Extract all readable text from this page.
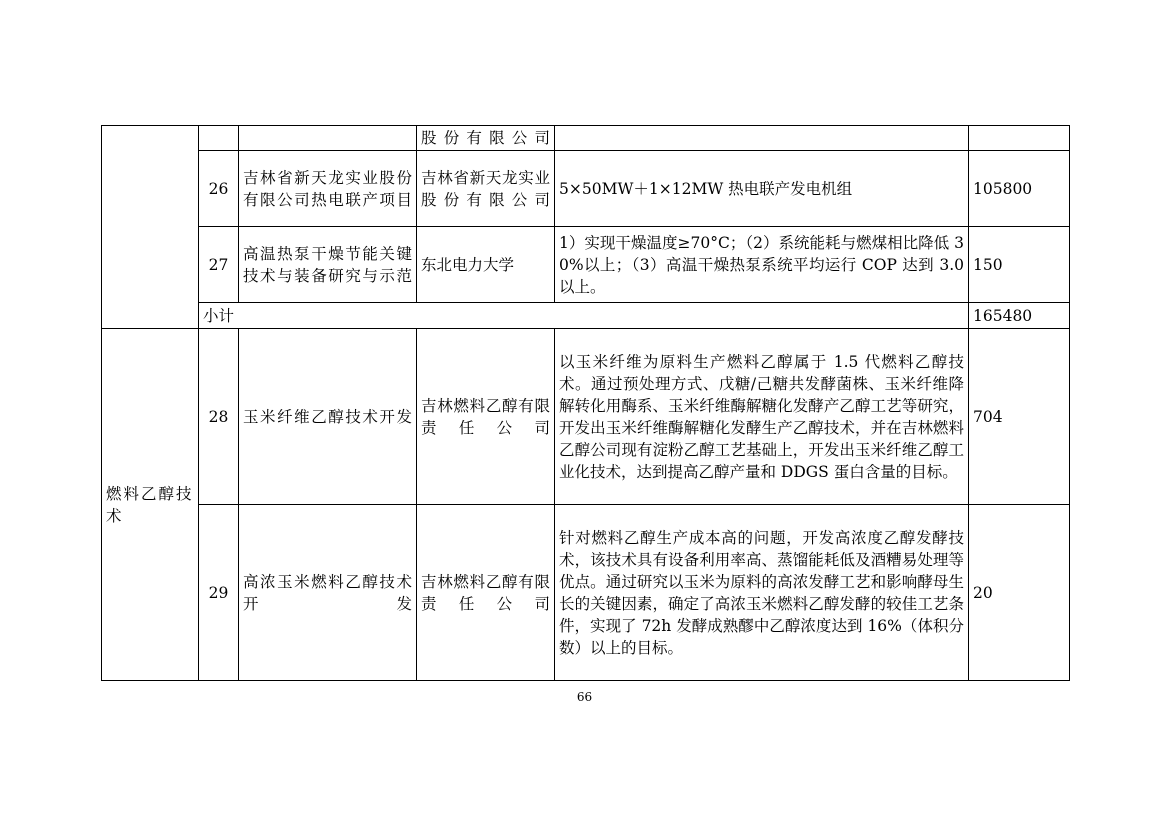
			股份有限公司		
	26	吉林省新天龙实业股份有限公司热电联产项目	吉林省新天龙实业股份有限公司	5×50MW＋1×12MW 热电联产发电机组	105800
	27	高温热泵干燥节能关键技术与装备研究与示范	东北电力大学	1）实现干燥温度≥70°C；（2）系统能耗与燃煤相比降低 30%以上；（3）高温干燥热泵系统平均运行 COP 达到 3.0 以上。	150
	小计				165480
燃料乙醇技术	28	玉米纤维乙醇技术开发	吉林燃料乙醇有限责任公司	以玉米纤维为原料生产燃料乙醇属于 1.5 代燃料乙醇技术。通过预处理方式、戊糖/己糖共发酵菌株、玉米纤维降解转化用酶系、玉米纤维酶解糖化发酵产乙醇工艺等研究，开发出玉米纤维酶解糖化发酵生产乙醇技术，并在吉林燃料乙醇公司现有淀粉乙醇工艺基础上，开发出玉米纤维乙醇工业化技术，达到提高乙醇产量和 DDGS 蛋白含量的目标。	704
	29	高浓玉米燃料乙醇技术开发	吉林燃料乙醇有限责任公司	针对燃料乙醇生产成本高的问题，开发高浓度乙醇发酵技术，该技术具有设备利用率高、蒸馏能耗低及酒糟易处理等优点。通过研究以玉米为原料的高浓发酵工艺和影响酵母生长的关键因素，确定了高浓玉米燃料乙醇发酵的较佳工艺条件，实现了 72h 发酵成熟醪中乙醇浓度达到 16%（体积分数）以上的目标。	20
66
